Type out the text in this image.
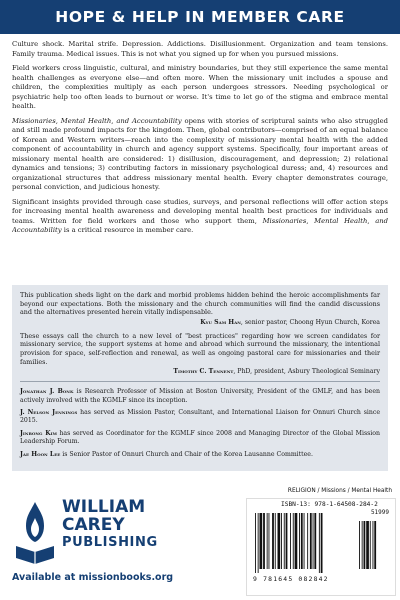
HOPE & HELP IN MEMBER CARE

Culture shock. Marital strife. Depression. Addictions. Disillusionment. Organization and team tensions. Family trauma. Medical issues. This is not what you signed up for when you pursued missions.

Field workers cross linguistic, cultural, and ministry boundaries, but they still experience the same mental health challenges as everyone else—and often more. When the missionary unit includes a spouse and children, the complexities multiply as each person undergoes stressors. Needing psychological or psychiatric help too often leads to burnout or worse. It's time to let go of the stigma and embrace mental health.

Missionaries, Mental Health, and Accountability opens with stories of scriptural saints who also struggled and still made profound impacts for the kingdom. Then, global contributors—comprised of an equal balance of Korean and Western writers—reach into the complexity of missionary mental health with the added component of accountability in church and agency support systems. Specifically, four important areas of missionary mental health are considered: 1) disillusion, discouragement, and depression; 2) relational dynamics and tensions; 3) contributing factors in missionary psychological duress; and, 4) resources and organizational structures that address missionary mental health. Every chapter demonstrates courage, personal conviction, and judicious honesty.

Significant insights provided through case studies, surveys, and personal reflections will offer action steps for increasing mental health awareness and developing mental health best practices for individuals and teams. Written for field workers and those who support them, Missionaries, Mental Health, and Accountability is a critical resource in member care.

This publication sheds light on the dark and morbid problems hidden behind the heroic accomplishments far beyond our expectations. Both the missionary and the church communities will find the candid discussions and the alternatives presented herein vitally indispensable.

Kyu Sam Han, senior pastor, Choong Hyun Church, Korea

These essays call the church to a new level of "best practices" regarding how we screen candidates for missionary service, the support systems at home and abroad which surround the missionary, the intentional provision for space, self-reflection and renewal, as well as ongoing pastoral care for missionaries and their families.

Timothy C. Tennent, PhD, president, Asbury Theological Seminary

Jonathan J. Bonk is Research Professor of Mission at Boston University, President of the GMLF, and has been actively involved with the KGMLF since its inception.

J. Nelson Jennings has served as Mission Pastor, Consultant, and International Liaison for Onnuri Church since 2015.

Jinbong Kim has served as Coordinator for the KGMLF since 2008 and Managing Director of the Global Mission Leadership Forum.

Jae Hoon Lee is Senior Pastor of Onnuri Church and Chair of the Korea Lausanne Committee.

WILLIAM
CAREY
PUBLISHING
Available at missionbooks.org
RELIGION / Missions / Mental Health
ISBN-13: 978-1-64508-284-2
51999
9 781645 082842
